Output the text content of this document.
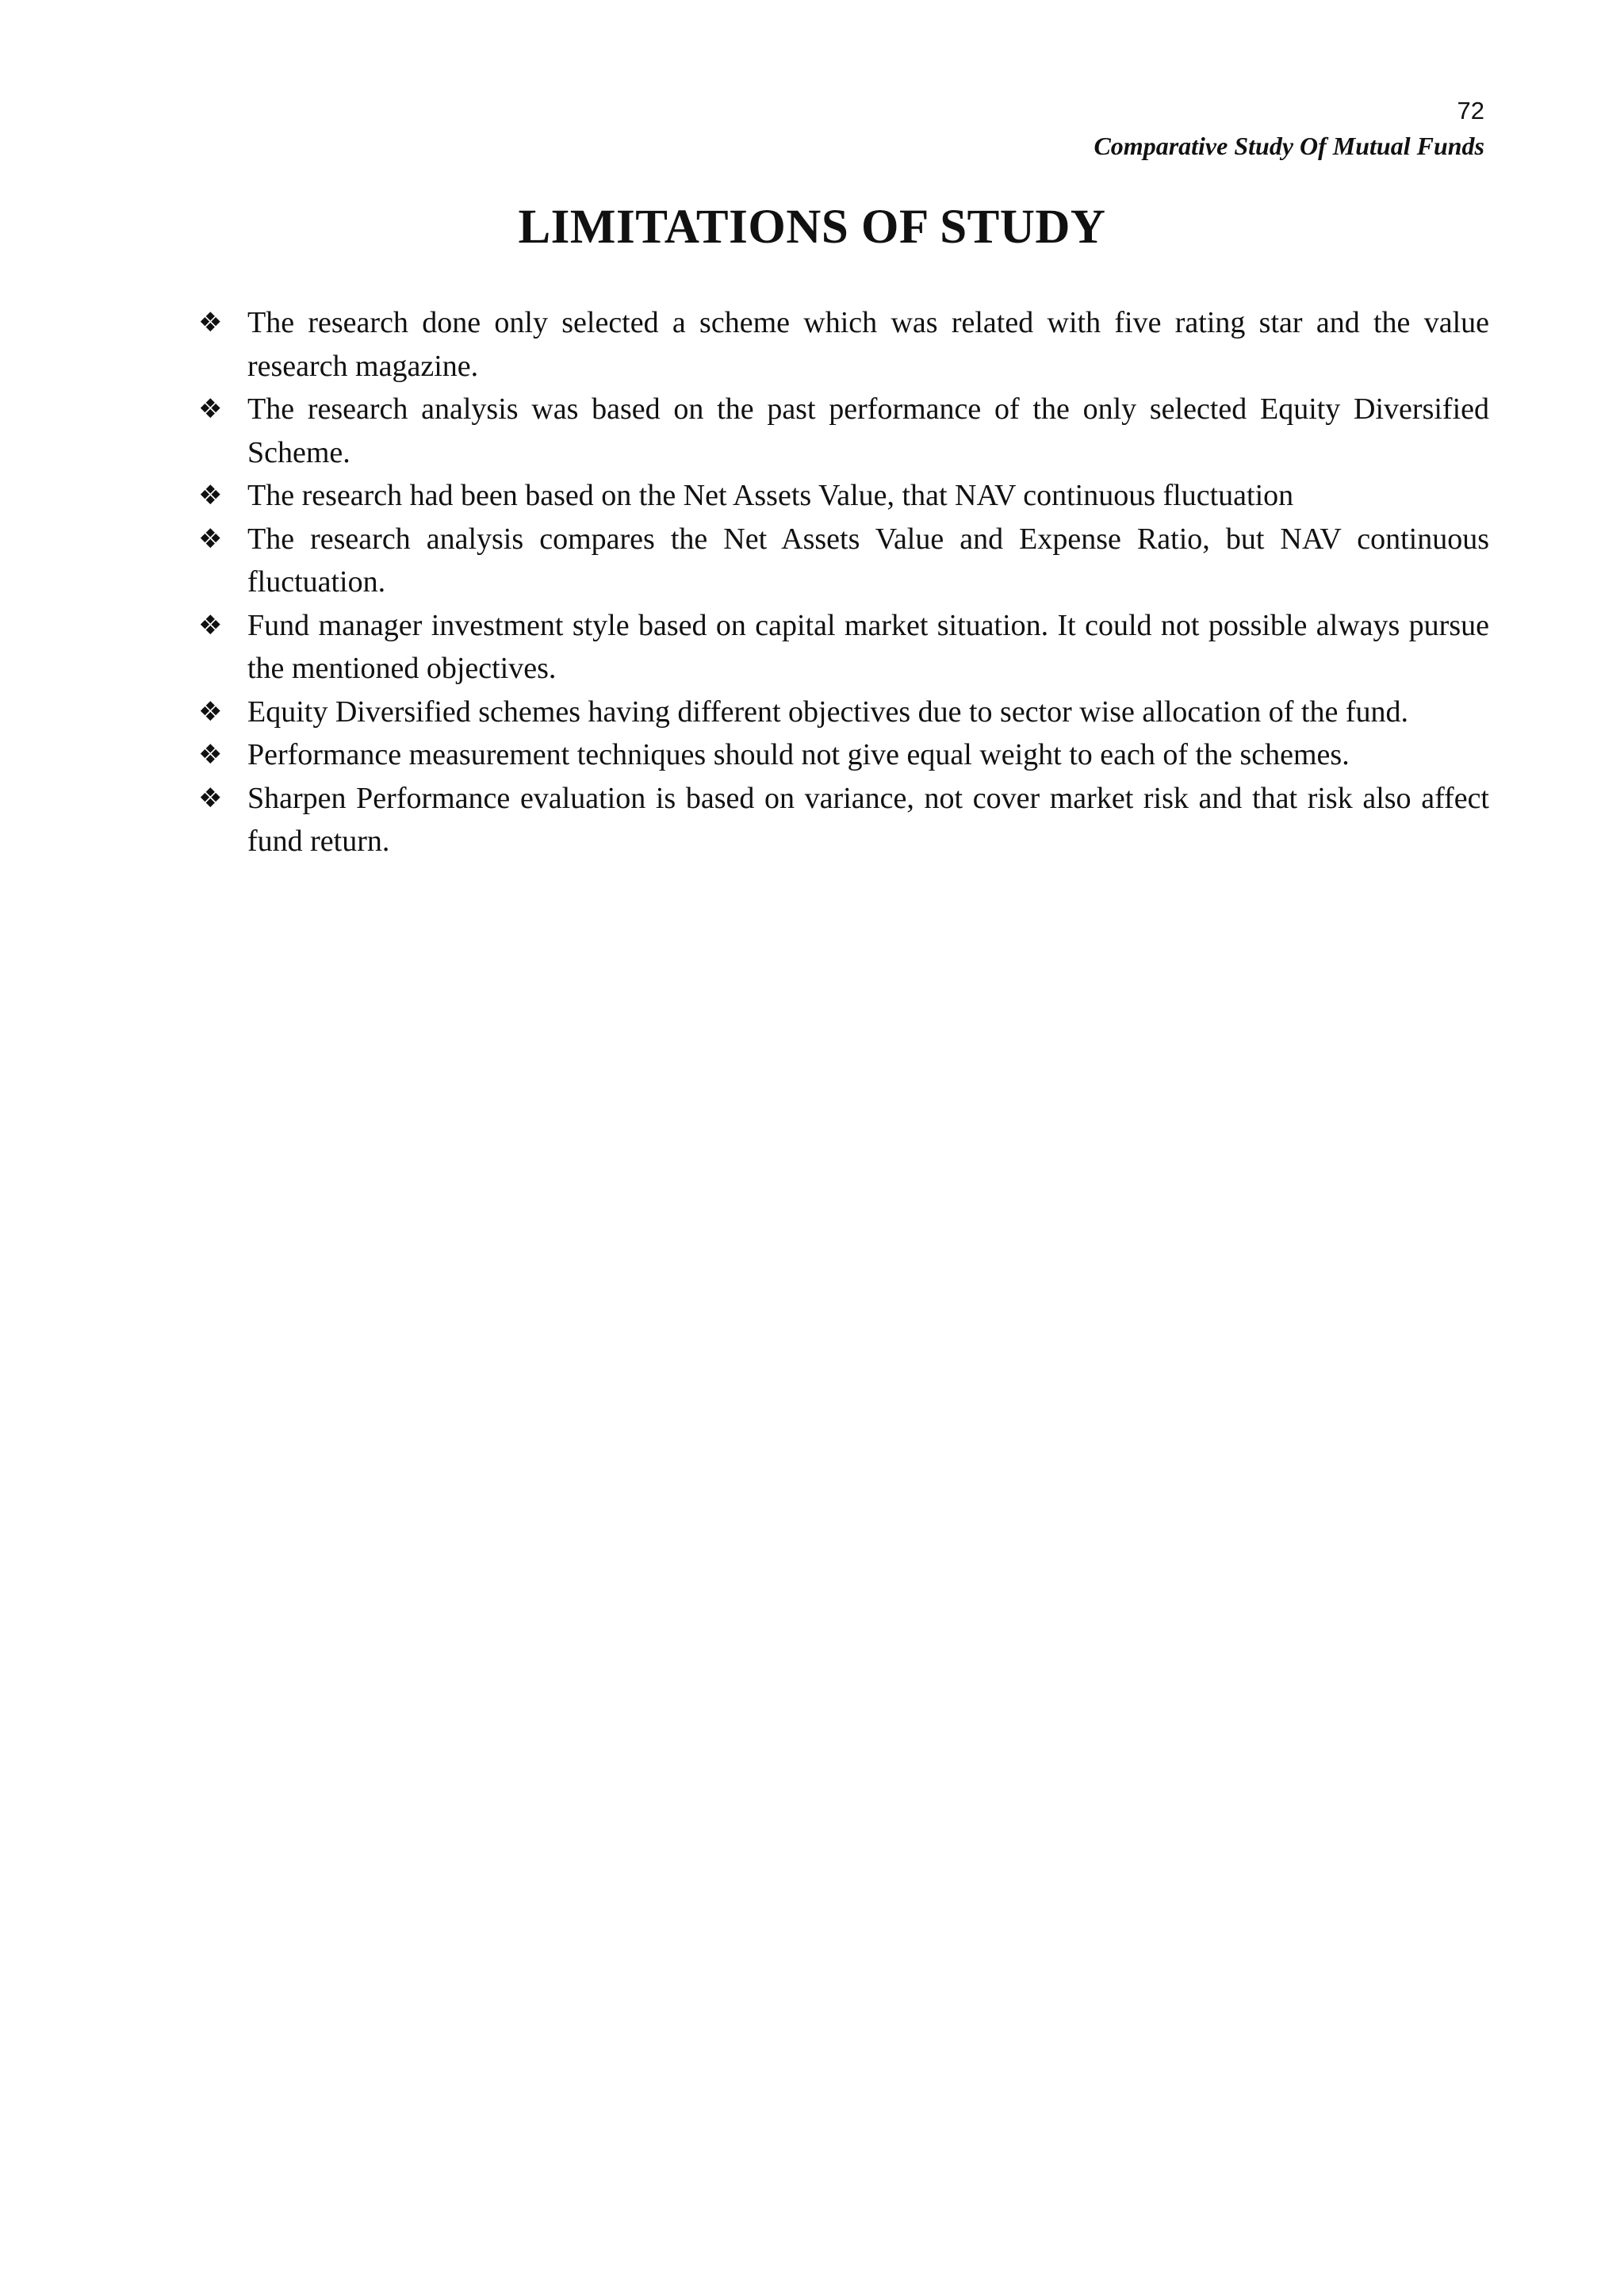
72
Comparative Study Of Mutual Funds
LIMITATIONS OF STUDY
❖ The research done only selected a scheme which was related with five rating star and the value research magazine.
❖ The research analysis was based on the past performance of the only selected Equity Diversified Scheme.
❖ The research had been based on the Net Assets Value, that NAV continuous fluctuation
❖ The research analysis compares the Net Assets Value and Expense Ratio, but NAV continuous fluctuation.
❖ Fund manager investment style based on capital market situation. It could not possible always pursue the mentioned objectives.
❖ Equity Diversified schemes having different objectives due to sector wise allocation of the fund.
❖ Performance measurement techniques should not give equal weight to each of the schemes.
❖ Sharpen Performance evaluation is based on variance, not cover market risk and that risk also affect fund return.
